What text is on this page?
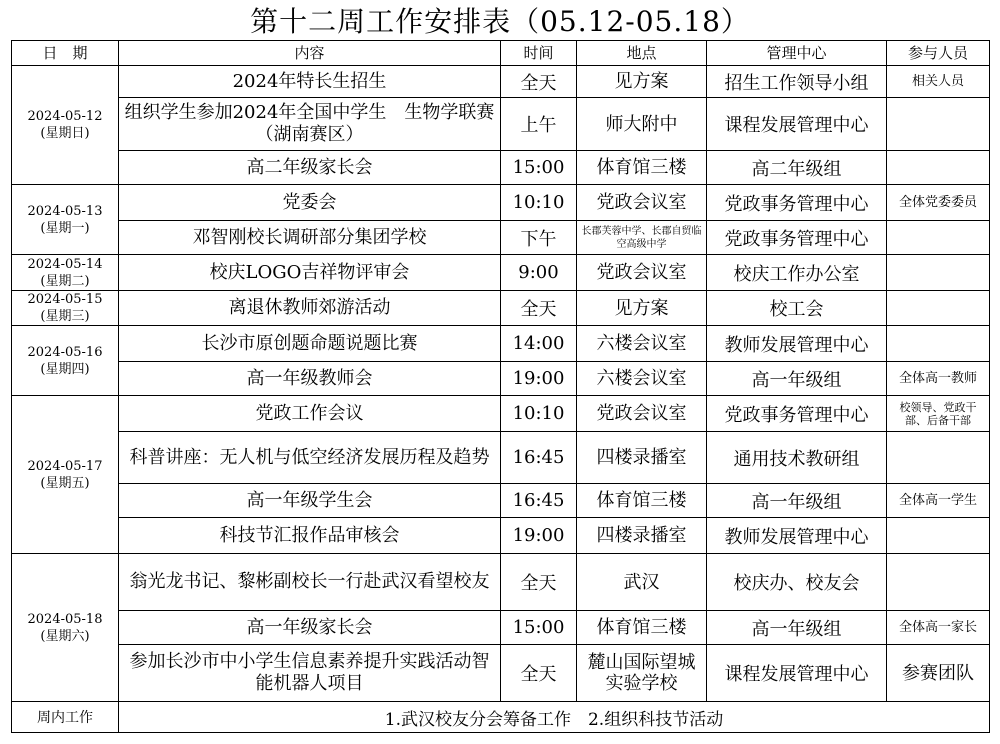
第十二周工作安排表（05.12-05.18）
日　期	内容	时间	地点	管理中心	参与人员

2024-05-12
(星期日)	2024年特长生招生	全天	见方案	招生工作领导小组	相关人员
	组织学生参加2024年全国中学生　生物学联赛（湖南赛区）	上午	师大附中	课程发展管理中心	
	高二年级家长会	15:00	体育馆三楼	高二年级组	

2024-05-13
(星期一)	党委会	10:10	党政会议室	党政事务管理中心	全体党委委员
	邓智刚校长调研部分集团学校	下午	长郡芙蓉中学、长郡自贸临空高级中学	党政事务管理中心	

2024-05-14
(星期二)	校庆LOGO吉祥物评审会	9:00	党政会议室	校庆工作办公室	

2024-05-15
(星期三)	离退休教师郊游活动	全天	见方案	校工会	

2024-05-16
(星期四)	长沙市原创题命题说题比赛	14:00	六楼会议室	教师发展管理中心	
	高一年级教师会	19:00	六楼会议室	高一年级组	全体高一教师

2024-05-17
(星期五)	党政工作会议	10:10	党政会议室	党政事务管理中心	校领导、党政干部、后备干部
	科普讲座：无人机与低空经济发展历程及趋势	16:45	四楼录播室	通用技术教研组	
	高一年级学生会	16:45	体育馆三楼	高一年级组	全体高一学生
	科技节汇报作品审核会	19:00	四楼录播室	教师发展管理中心	

2024-05-18
(星期六)	翁光龙书记、黎彬副校长一行赴武汉看望校友	全天	武汉	校庆办、校友会	
	高一年级家长会	15:00	体育馆三楼	高一年级组	全体高一家长
	参加长沙市中小学生信息素养提升实践活动智能机器人项目	全天	麓山国际望城实验学校	课程发展管理中心	参赛团队
周内工作	1.武汉校友分会筹备工作　2.组织科技节活动				
